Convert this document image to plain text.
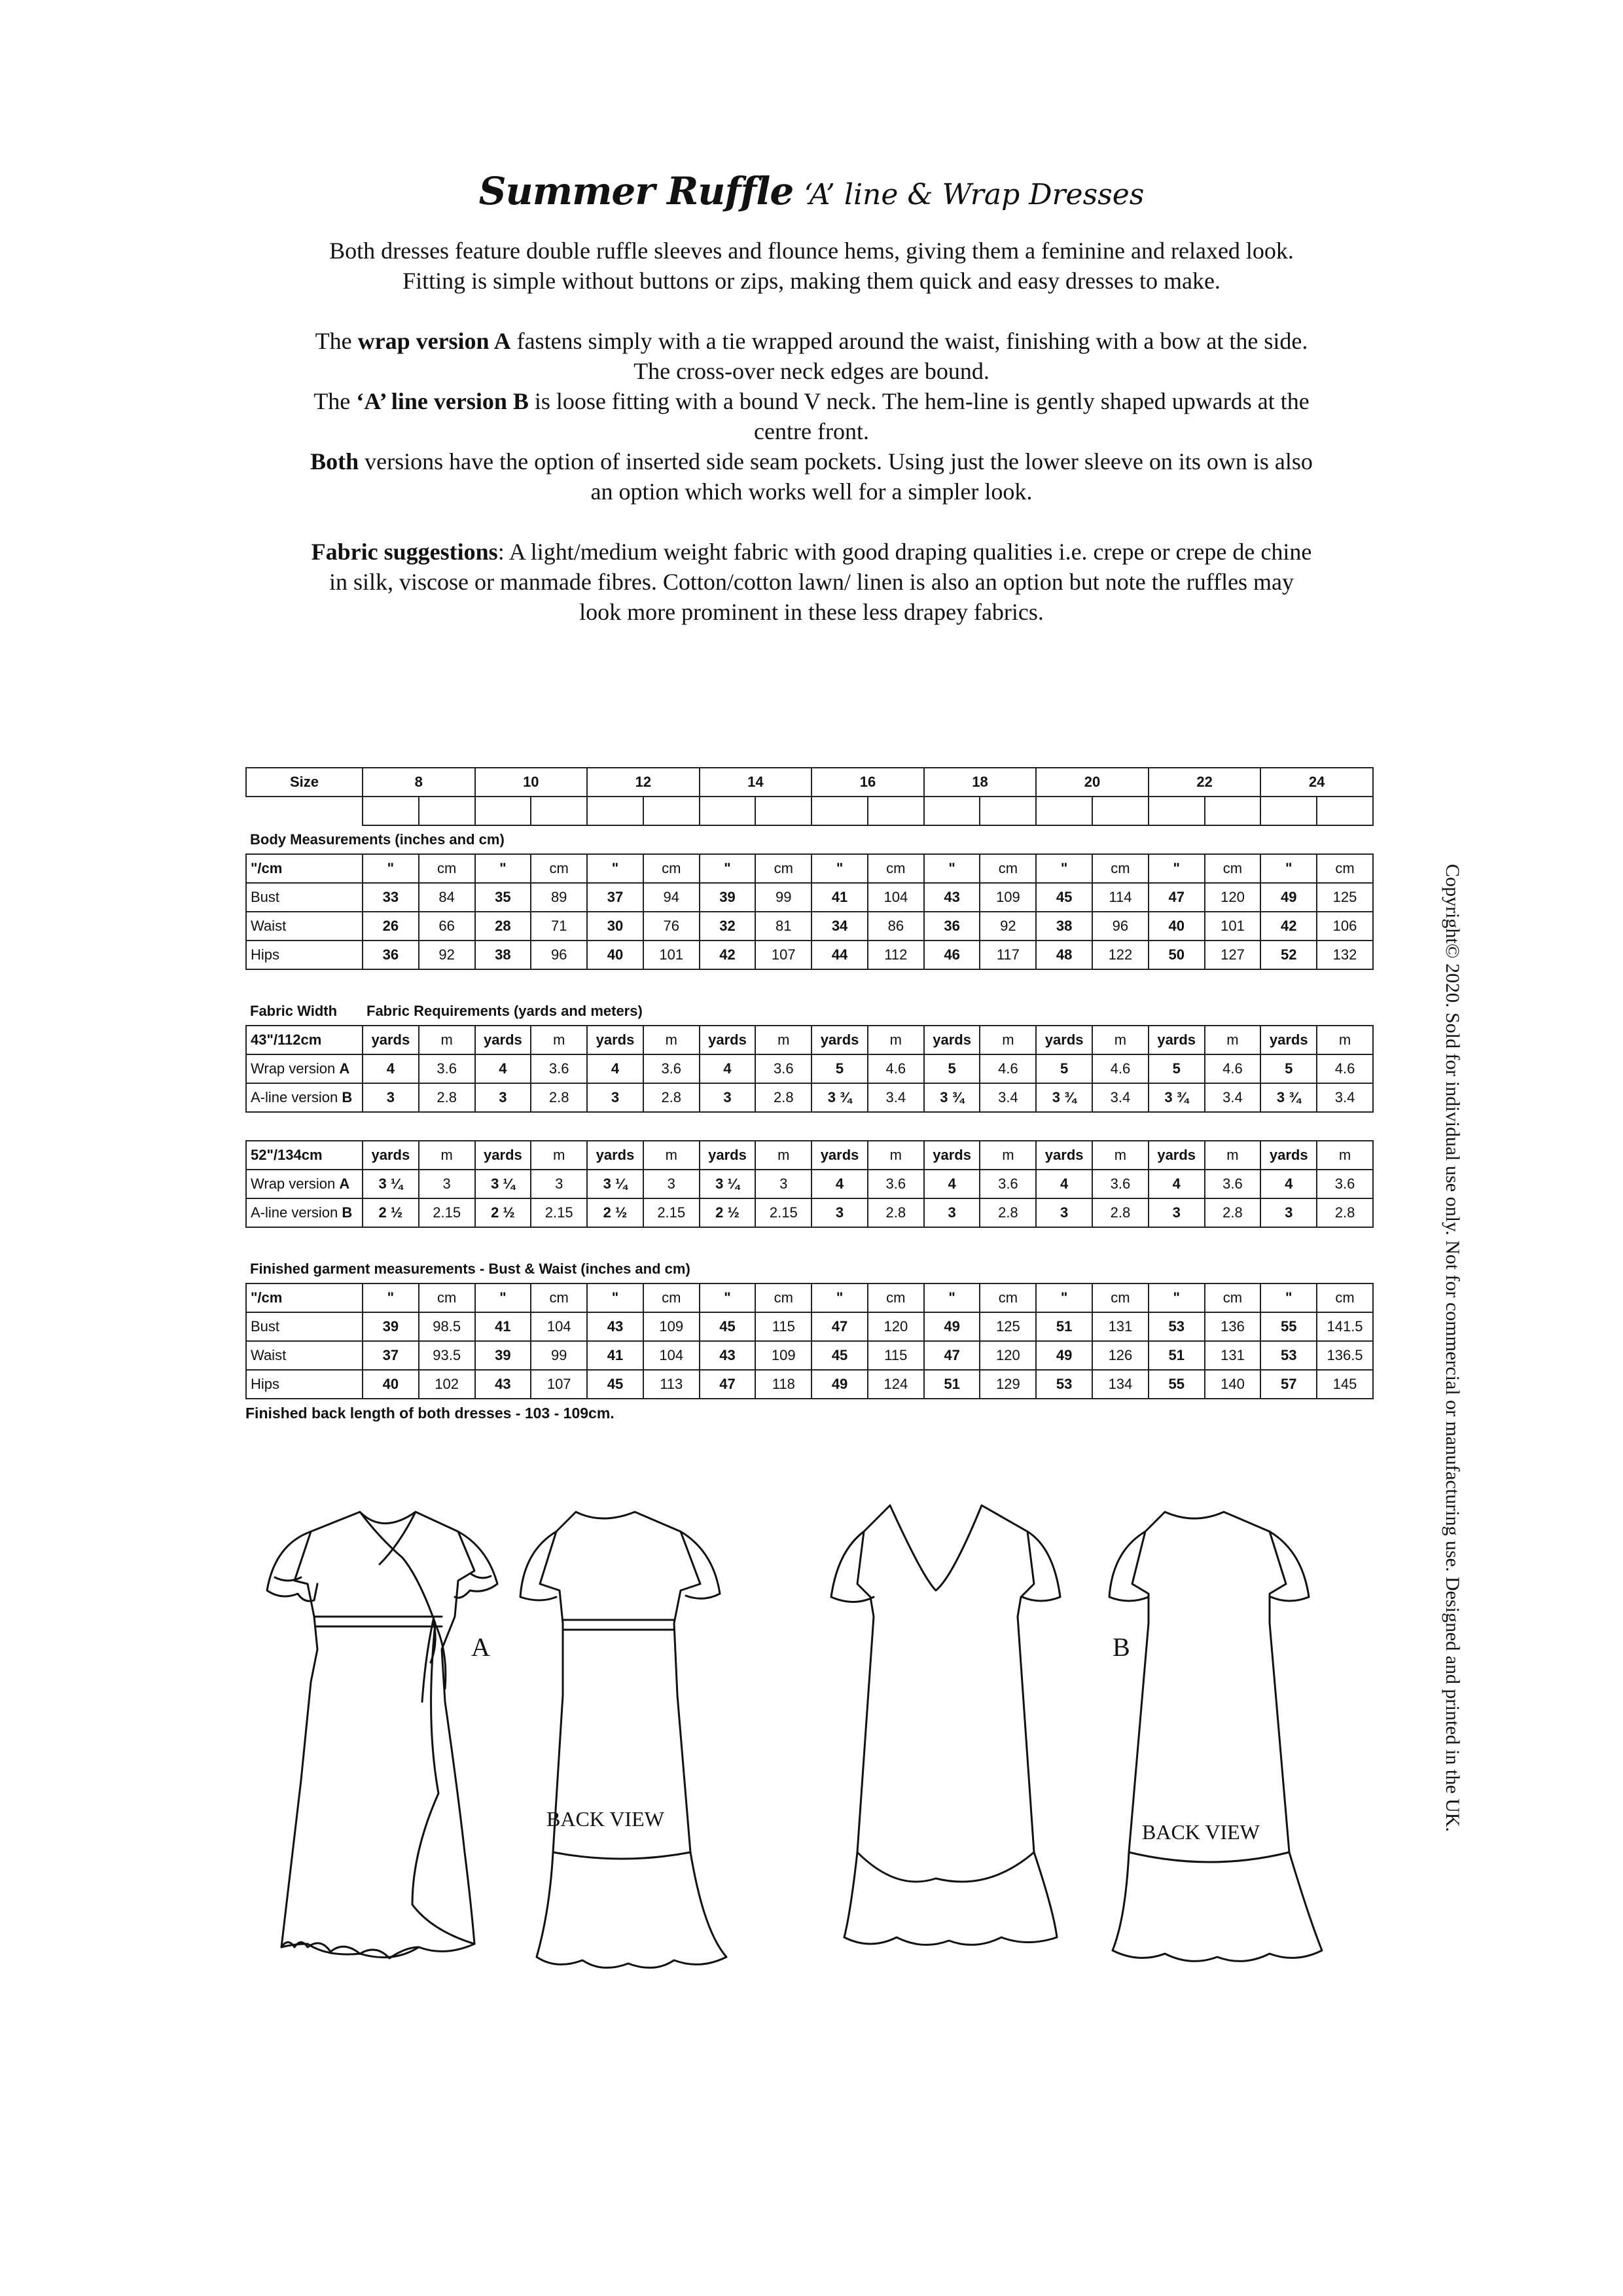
Summer Ruffle ‘A’ line & Wrap Dresses

Both dresses feature double ruffle sleeves and flounce hems, giving them a feminine and relaxed look.

Fitting is simple without buttons or zips, making them quick and easy dresses to make.

The wrap version A fastens simply with a tie wrapped around the waist, finishing with a bow at the side.

The cross-over neck edges are bound.

The ‘A’ line version B is loose fitting with a bound V neck. The hem-line is gently shaped upwards at the

centre front.

Both versions have the option of inserted side seam pockets. Using just the lower sleeve on its own is also

an option which works well for a simpler look.

Fabric suggestions: A light/medium weight fabric with good draping qualities i.e. crepe or crepe de chine

in silk, viscose or manmade fibres. Cotton/cotton lawn/ linen is also an option but note the ruffles may

look more prominent in these less drapey fabrics.

Size	8		10		12		14		16		18		20		22		24	

Body Measurements (inches and cm)																		
"/cm	"	cm	"	cm	"	cm	"	cm	"	cm	"	cm	"	cm	"	cm	"	cm
Bust	33	84	35	89	37	94	39	99	41	104	43	109	45	114	47	120	49	125
Waist	26	66	28	71	30	76	32	81	34	86	36	92	38	96	40	101	42	106
Hips	36	92	38	96	40	101	42	107	44	112	46	117	48	122	50	127	52	132

Fabric Width	Fabric Requirements (yards and meters)																	
43"/112cm	yards	m	yards	m	yards	m	yards	m	yards	m	yards	m	yards	m	yards	m	yards	m
Wrap version A	4	3.6	4	3.6	4	3.6	4	3.6	5	4.6	5	4.6	5	4.6	5	4.6	5	4.6
A-line version B	3	2.8	3	2.8	3	2.8	3	2.8	3 ¾	3.4	3 ¾	3.4	3 ¾	3.4	3 ¾	3.4	3 ¾	3.4

52"/134cm	yards	m	yards	m	yards	m	yards	m	yards	m	yards	m	yards	m	yards	m	yards	m
Wrap version A	3 ¼	3	3 ¼	3	3 ¼	3	3 ¼	3	4	3.6	4	3.6	4	3.6	4	3.6	4	3.6
A-line version B	2 ½	2.15	2 ½	2.15	2 ½	2.15	2 ½	2.15	3	2.8	3	2.8	3	2.8	3	2.8	3	2.8

Finished garment measurements - Bust & Waist (inches and cm)																		
"/cm	"	cm	"	cm	"	cm	"	cm	"	cm	"	cm	"	cm	"	cm	"	cm
Bust	39	98.5	41	104	43	109	45	115	47	120	49	125	51	131	53	136	55	141.5
Waist	37	93.5	39	99	41	104	43	109	45	115	47	120	49	126	51	131	53	136.5
Hips	40	102	43	107	45	113	47	118	49	124	51	129	53	134	55	140	57	145
Finished back length of both dresses - 103 - 109cm.	Copyright© 2020. Sold for individual use only. Not for commercial or manufacturing use. Designed and printed in the UK.
A
BACK VIEW
B
BACK VIEW
